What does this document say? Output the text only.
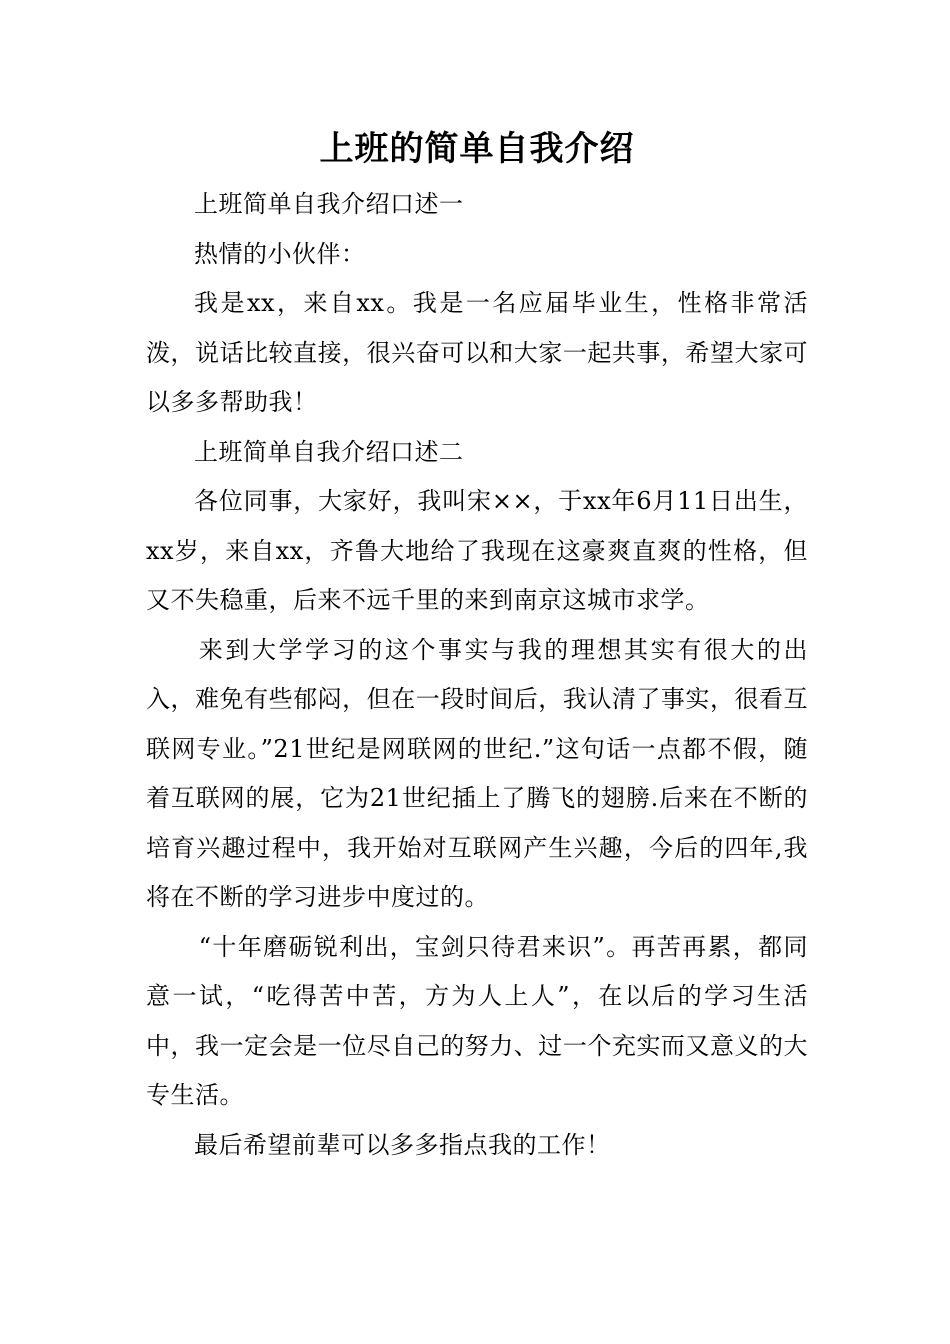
上班的简单自我介绍

上班简单自我介绍口述一

热情的小伙伴：

我是xx，来自xx。我是一名应届毕业生，性格非常活泼，说话比较直接，很兴奋可以和大家一起共事，希望大家可以多多帮助我！

上班简单自我介绍口述二

各位同事，大家好，我叫宋××，于xx年6月11日出生，xx岁，来自xx，齐鲁大地给了我现在这豪爽直爽的性格，但又不失稳重，后来不远千里的来到南京这城市求学。

来到大学学习的这个事实与我的理想其实有很大的出入，难免有些郁闷，但在一段时间后，我认清了事实，很看互联网专业。”21世纪是网联网的世纪.”这句话一点都不假，随着互联网的展，它为21世纪插上了腾飞的翅膀.后来在不断的培育兴趣过程中，我开始对互联网产生兴趣，今后的四年,我将在不断的学习进步中度过的。

“十年磨砺锐利出，宝剑只待君来识”。再苦再累，都同意一试，“吃得苦中苦，方为人上人”，在以后的学习生活中，我一定会是一位尽自己的努力、过一个充实而又意义的大专生活。

最后希望前辈可以多多指点我的工作！
